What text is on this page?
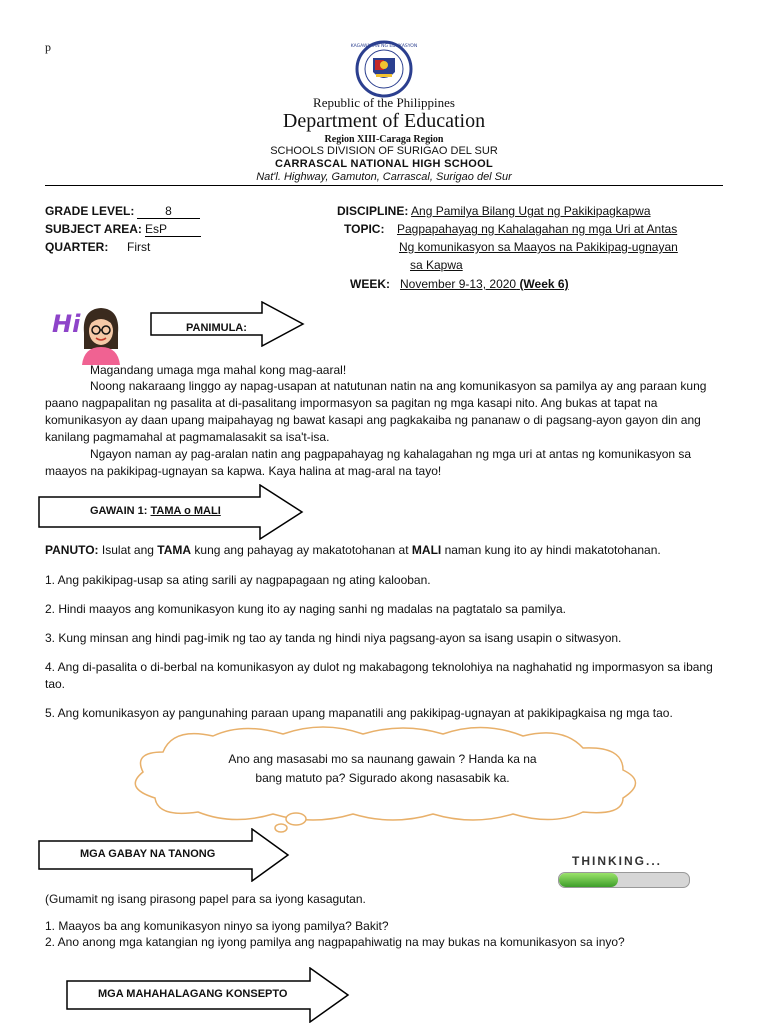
p	KAGAWARAN NG EDUKASYON
Republic of the Philippines
Department of Education
Region XIII-Caraga Region
SCHOOLS DIVISION OF SURIGAO DEL SUR
CARRASCAL NATIONAL HIGH SCHOOL
Nat'l. Highway, Gamuton, Carrascal, Surigao del Sur
GRADE LEVEL:	8
SUBJECT AREA: EsP
QUARTER: First
DISCIPLINE: Ang Pamilya Bilang Ugat ng Pakikipagkapwa
TOPIC: Pagpapahayag ng Kahalagahan ng mga Uri at Antas
Ng komunikasyon sa Maayos na Pakikipag-ugnayan
sa Kapwa
WEEK: November 9-13, 2020 (Week 6)
Hi	PANIMULA:
Magandang umaga mga mahal kong mag-aaral!
Noong nakaraang linggo ay napag-usapan at natutunan natin na ang komunikasyon sa pamilya ay ang paraan kung paano nagpapalitan ng pasalita at di-pasalitang impormasyon sa pagitan ng mga kasapi nito. Ang bukas at tapat na komunikasyon ay daan upang maipahayag ng bawat kasapi ang pagkakaiba ng pananaw o di pagsang-ayon gayon din ang kanilang pagmamahal at pagmamalasakit sa isa't-isa.
Ngayon naman ay pag-aralan natin ang pagpapahayag ng kahalagahan ng mga uri at antas ng komunikasyon sa maayos na pakikipag-ugnayan sa kapwa. Kaya halina at mag-aral na tayo!
GAWAIN 1: TAMA o MALI
PANUTO: Isulat ang TAMA kung ang pahayag ay makatotohanan at MALI naman kung ito ay hindi makatotohanan.
1. Ang pakikipag-usap sa ating sarili ay nagpapagaan ng ating kalooban.
2. Hindi maayos ang komunikasyon kung ito ay naging sanhi ng madalas na pagtatalo sa pamilya.
3. Kung minsan ang hindi pag-imik ng tao ay tanda ng hindi niya pagsang-ayon sa isang usapin o sitwasyon.
4. Ang di-pasalita o di-berbal na komunikasyon ay dulot ng makabagong teknolohiya na naghahatid ng impormasyon sa ibang tao.
5. Ang komunikasyon ay pangunahing paraan upang mapanatili ang pakikipag-ugnayan at pakikipagkaisa ng mga tao.
Ano ang masasabi mo sa naunang gawain ? Handa ka na
bang matuto pa? Sigurado akong nasasabik ka.
MGA GABAY NA TANONG	THINKING...
(Gumamit ng isang pirasong papel para sa iyong kasagutan.
1. Maayos ba ang komunikasyon ninyo sa iyong pamilya? Bakit?
2. Ano anong mga katangian ng iyong pamilya ang nagpapahiwatig na may bukas na komunikasyon sa inyo?
MGA MAHAHALAGANG KONSEPTO
